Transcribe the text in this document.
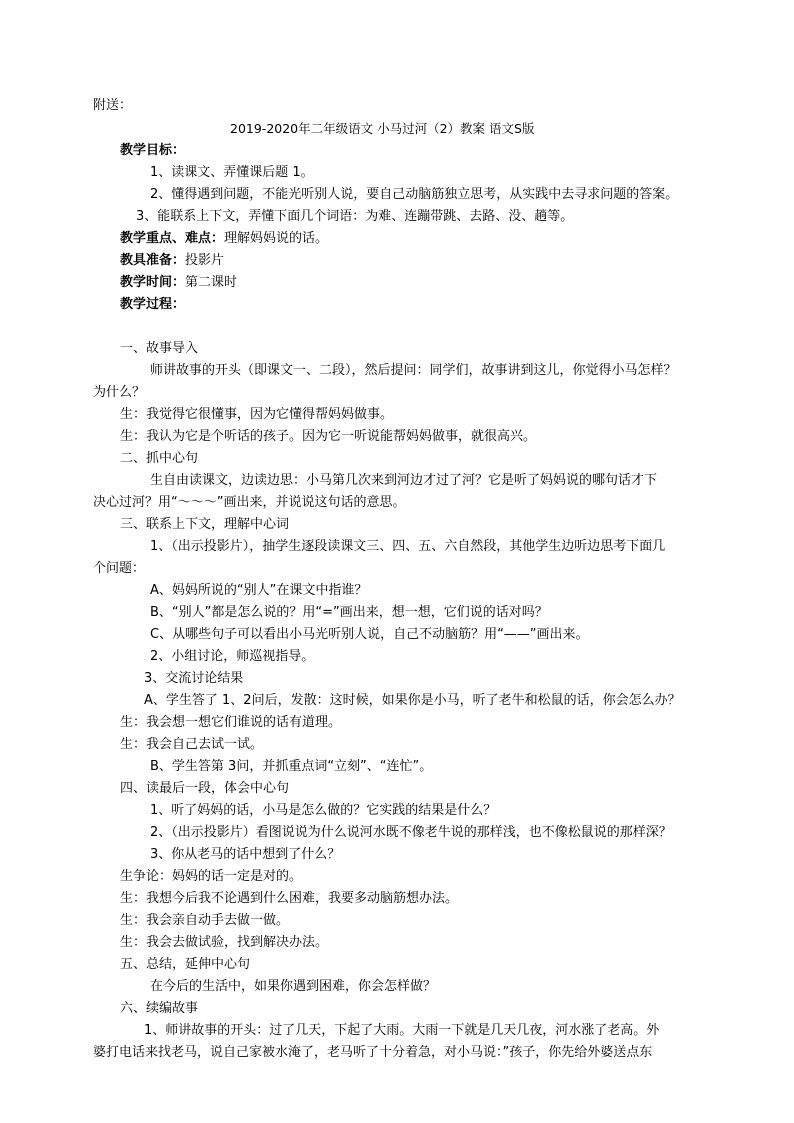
附送：
2019-2020年二年级语文 小马过河（2）教案 语文S版
教学目标：
1、读课文、弄懂课后题 1。
2、懂得遇到问题，不能光听别人说，要自己动脑筋独立思考，从实践中去寻求问题的答案。
3、能联系上下文，弄懂下面几个词语：为难、连蹦带跳、去路、没、趟等。
教学重点、难点：理解妈妈说的话。
教具准备：投影片
教学时间：第二课时
教学过程：
一、故事导入
师讲故事的开头（即课文一、二段），然后提问：同学们，故事讲到这儿，你觉得小马怎样？
为什么？
生：我觉得它很懂事，因为它懂得帮妈妈做事。
生：我认为它是个听话的孩子。因为它一听说能帮妈妈做事，就很高兴。
二、抓中心句
生自由读课文，边读边思：小马第几次来到河边才过了河？它是听了妈妈说的哪句话才下
决心过河？用“～～～”画出来，并说说这句话的意思。
三、联系上下文，理解中心词
1、（出示投影片），抽学生逐段读课文三、四、五、六自然段，其他学生边听边思考下面几
个问题：
A、妈妈所说的“别人”在课文中指谁？
B、“别人”都是怎么说的？用“=”画出来，想一想，它们说的话对吗？
C、从哪些句子可以看出小马光听别人说，自己不动脑筋？用“——”画出来。
2、小组讨论，师巡视指导。
3、交流讨论结果
A、学生答了 1、2问后，发散：这时候，如果你是小马，听了老牛和松鼠的话，你会怎么办？
生：我会想一想它们谁说的话有道理。
生：我会自己去试一试。
B、学生答第 3问，并抓重点词“立刻”、“连忙”。
四、读最后一段，体会中心句
1、听了妈妈的话，小马是怎么做的？它实践的结果是什么？
2、（出示投影片）看图说说为什么说河水既不像老牛说的那样浅，也不像松鼠说的那样深？
3、你从老马的话中想到了什么？
生争论：妈妈的话一定是对的。
生：我想今后我不论遇到什么困难，我要多动脑筋想办法。
生：我会亲自动手去做一做。
生：我会去做试验，找到解决办法。
五、总结，延伸中心句
在今后的生活中，如果你遇到困难，你会怎样做？
六、续编故事
1、师讲故事的开头：过了几天，下起了大雨。大雨一下就是几天几夜，河水涨了老高。外
婆打电话来找老马，说自己家被水淹了，老马听了十分着急，对小马说：”孩子，你先给外婆送点东
